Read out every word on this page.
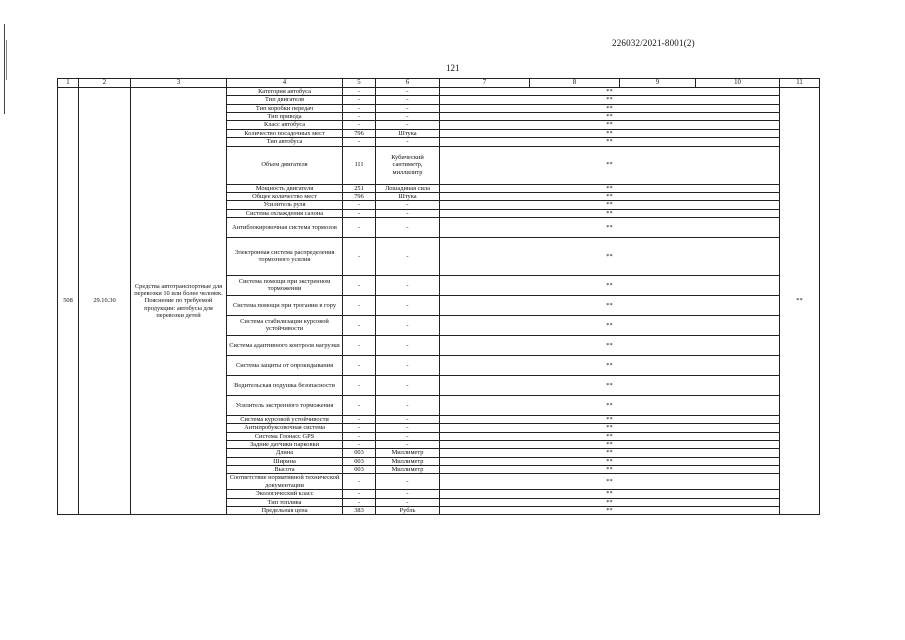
226032/2021-8001(2)
121
1	2	3	4	5	6	7	8	9	10	11
508	29.10.30	Средства автотранспортные для перевозки 10 или более человек. Пояснение по требуемой продукции: автобусы для перевозки детей	Категория автобуса	-	-	**				**
			Тип двигателя	-	-	**				
			Тип коробки передач	-	-	**				
			Тип привода	-	-	**				
			Класс автобуса	-	-	**				
			Количество посадочных мест	796	Штука	**				
			Тип автобуса	-	-	**				
			Объем двигателя	111	Кубический сантиметр, миллилитр	**				
			Мощность двигателя	251	Лошадиная сила	**				
			Общее количество мест	796	Штука	**				
			Усилитель руля	-	-	**				
			Система охлаждения салона	-	-	**				
			Антиблокировочная система тормозов	-	-	**				
			Электронная система распределения тормозного усилия	-	-	**				
			Система помощи при экстренном торможении	-	-	**				
			Система помощи при трогании в гору	-	-	**				
			Система стабилизации курсовой устойчивости	-	-	**				
			Система адаптивного контроля нагрузки	-	-	**				
			Система защиты от опрокидывания	-	-	**				
			Водительская подушка безопасности	-	-	**				
			Усилитель экстренного торможения	-	-	**				
			Система курсовой устойчивости	-	-	**				
			Антипробуксовочная система	-	-	**				
			Система Глонасс GPS	-	-	**				
			Задние датчики парковки	-	-	**				
			Длина	003	Миллиметр	**				
			Ширина	003	Миллиметр	**				
			Высота	003	Миллиметр	**				
			Соответствие нормативной технической документации	-	-	**				
			Экологический класс	-	-	**				
			Тип топлива	-	-	**				
			Предельная цена	383	Рубль	**				
